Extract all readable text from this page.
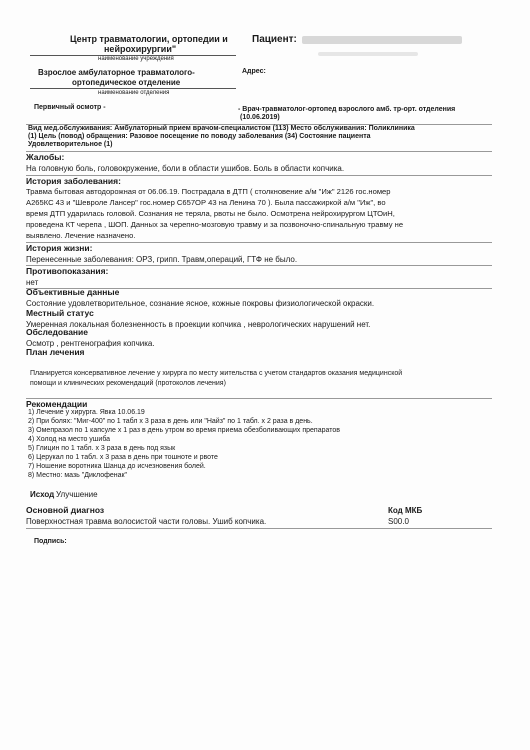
Центр травматологии, ортопедии и
нейрохирургии"
наименование учреждения
Взрослое амбулаторное травматолого-
ортопедическое отделение
наименование отделения
Пациент:
Адрес:
Первичный осмотр -	- Врач-травматолог-ортопед взрослого амб. тр-орт. отделения
(10.06.2019)
Вид мед.обслуживания: Амбулаторный прием врачом-специалистом (113) Место обслуживания: Поликлиника
(1) Цель (повод) обращения: Разовое посещение по поводу заболевания (34) Состояние пациента
Удовлетворительное (1)
Жалобы:
На головную боль, головокружение, боли в области ушибов. Боль в области копчика.
История заболевания:
Травма бытовая автодорожная от 06.06.19. Пострадала в ДТП ( столкновение а/м "Иж" 2126 гос.номер
А265КС 43 и "Шевроле Лансер" гос.номер С657ОР 43 на Ленина 70 ). Была пассажиркой а/м "Иж", во
время ДТП ударилась головой. Сознания не теряла, рвоты не было. Осмотрена нейрохирургом ЦТОиН,
проведена КТ черепа , ШОП. Данных за черепно-мозговую травму и за позвоночно-спинальную травму не
выявлено. Лечение назначено.
История жизни:
Перенесенные заболевания: ОРЗ, грипп. Травм,операций, ГТФ не было.
Противопоказания:
нет
Объективные данные
Состояние удовлетворительное, сознание ясное, кожные покровы физиологической окраски.
Местный статус
Умеренная локальная болезненность в проекции копчика , неврологических нарушений нет.
Обследование
Осмотр , рентгенография копчика.
План лечения
Планируется консервативное лечение у хирурга по месту жительства с учетом стандартов оказания медицинской
помощи и клинических рекомендаций (протоколов лечения)
Рекомендации
1) Лечение у хирурга. Явка 10.06.19
2) При болях: "Миг-400" по 1 табл х 3 раза в день или "Найз" по 1 табл. х 2 раза в день.
3) Омепразол по 1 капсуле х 1 раз в день утром во время приема обезболивающих препаратов
4) Холод на место ушиба
5) Глицин по 1 табл. х 3 раза в день под язык
6) Церукал по 1 табл. х 3 раза в день при тошноте и рвоте
7) Ношение воротника Шанца до исчезновения болей.
8) Местно: мазь "Диклофенак"
Исход Улучшение
Основной диагноз
Поверхностная травма волосистой части головы. Ушиб копчика.
Код МКБ
S00.0
Подпись:
